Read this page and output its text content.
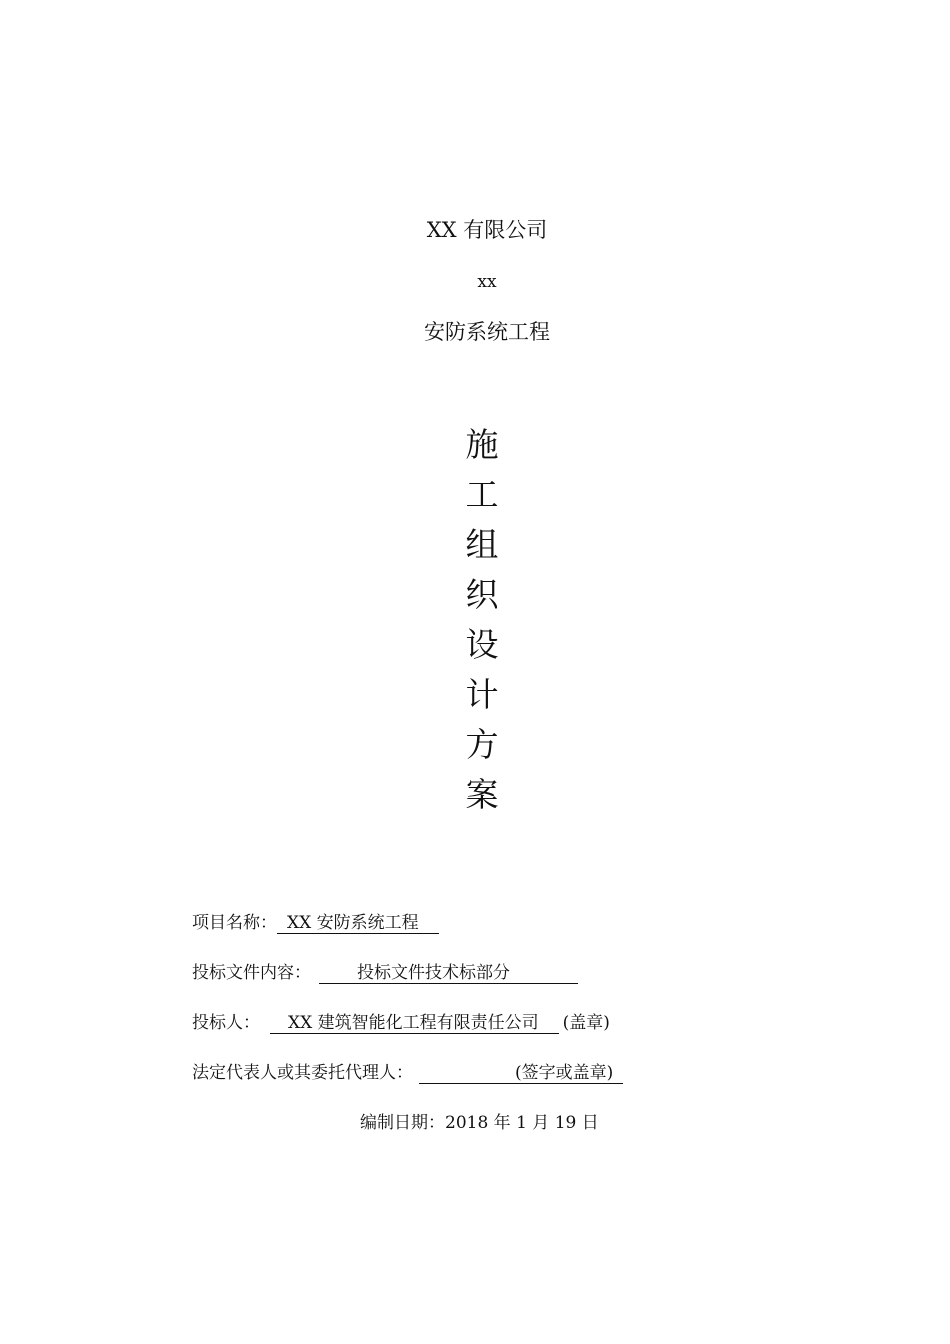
XX 有限公司
xx
安防系统工程
施
工
组
织
设
计
方
案
项目名称： XX 安防系统工程
投标文件内容：	投标文件技术标部分
投标人： XX 建筑智能化工程有限责任公司 (盖章)
法定代表人或其委托代理人：	(签字或盖章)
编制日期：2018 年 1 月 19 日
